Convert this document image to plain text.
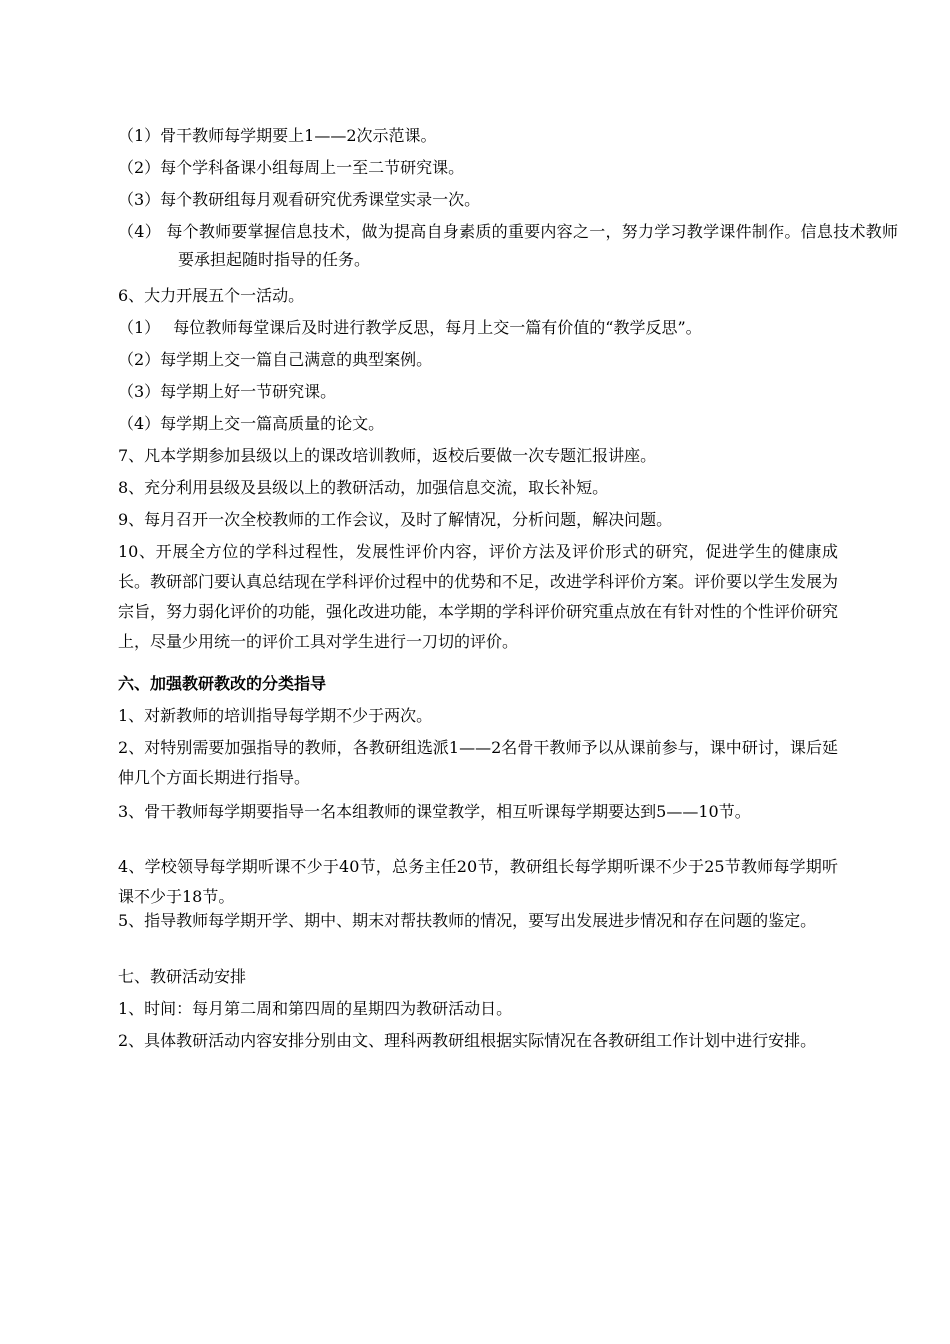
（1）骨干教师每学期要上1——2次示范课。
（2）每个学科备课小组每周上一至二节研究课。
（3）每个教研组每月观看研究优秀课堂实录一次。
（4） 每个教师要掌握信息技术，做为提高自身素质的重要内容之一，努力学习教学课件制作。信息技术教师要承担起随时指导的任务。
6、大力开展五个一活动。
（1）　 每位教师每堂课后及时进行教学反思，每月上交一篇有价值的“教学反思”。
（2）每学期上交一篇自己满意的典型案例。
（3）每学期上好一节研究课。
（4）每学期上交一篇高质量的论文。
7、凡本学期参加县级以上的课改培训教师，返校后要做一次专题汇报讲座。
8、充分利用县级及县级以上的教研活动，加强信息交流，取长补短。
9、每月召开一次全校教师的工作会议，及时了解情况，分析问题，解决问题。
10、开展全方位的学科过程性，发展性评价内容，评价方法及评价形式的研究，促进学生的健康成长。教研部门要认真总结现在学科评价过程中的优势和不足，改进学科评价方案。评价要以学生发展为宗旨，努力弱化评价的功能，强化改进功能，本学期的学科评价研究重点放在有针对性的个性评价研究上，尽量少用统一的评价工具对学生进行一刀切的评价。
六、加强教研教改的分类指导
1、对新教师的培训指导每学期不少于两次。
2、对特别需要加强指导的教师，各教研组选派1——2名骨干教师予以从课前参与，课中研讨，课后延伸几个方面长期进行指导。
3、骨干教师每学期要指导一名本组教师的课堂教学，相互听课每学期要达到5——10节。
4、学校领导每学期听课不少于40节，总务主任20节，教研组长每学期听课不少于25节教师每学期听课不少于18节。
5、指导教师每学期开学、期中、期末对帮扶教师的情况，要写出发展进步情况和存在问题的鉴定。
七、教研活动安排
1、时间：每月第二周和第四周的星期四为教研活动日。
2、具体教研活动内容安排分别由文、理科两教研组根据实际情况在各教研组工作计划中进行安排。
